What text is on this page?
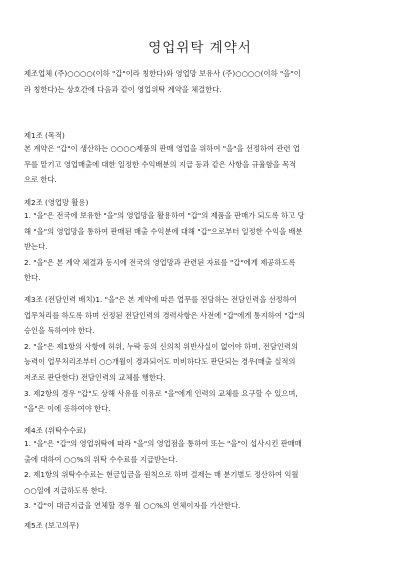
영업위탁 계약서
제조업체 (주)○○○○(이하 "갑"이라 칭한다)와 영업망 보유사 (주)○○○○(이하 "을"이
라 칭한다)는 상호간에 다음과 같이 영업위탁 계약을 체결한다.
제1조 (목적)
본 계약은 "갑"이 생산하는 ○○○○제품의 판매 영업을 위하여 "을"을 선정하여 관련 업
무를 맡기고 영업매출에 대한 일정한 수익배분의 지급 등과 같은 사항을 규율함을 목적
으로 한다.
제2조 (영업망 활용)
1. "을"은 전국에 보유한 "을"의 영업망을 활용하여 "갑"의 제품을 판매가 되도록 하고 당
해 "을"의 영업망을 통하여 판매된 매출 수익분에 대해 "갑"으로부터 일정한 수익을 배분
받는다.
2. "을"은 본 계약 체결과 동시에 전국의 영업망과 관련된 자료를 "갑"에게 제공하도록
한다.
제3조 (전담인력 배치)1. "을"은 본 계약에 따른 업무를 전담하는 전담인력을 선정하여
업무처리를 하도록 하며 선정된 전담인력의 경력사항은 사전에 "갑"에게 통지하여 "갑"의
승인을 득하여야 한다.
2. "을"은 제1항의 사항에 허위, 누락 등의 신의칙 위반사실이 없어야 하며, 전담인력의
능력이 업무처리조부터 ○○개월이 경과되어도 미비하다도 판단되는 경우(매출 실적의
저조로 판단한다) 전담인력의 교체를 행한다.
3. 제2항의 경우 "갑"도 상해 사유를 이유로 "을"에게 인력의 교체를 요구할 수 있으며,
"을"은 이에 응하여야 한다.
제4조 (위탁수수료)
1. "을"은 "갑"의 영업위탁에 따라 "을"의 영업점을 통하여 또는 "을"이 섭사시킨 판매매
출에 대하여 ○○%의 위탁 수수료를 지급받는다.
2. 제1항의 위탁수수료는 현금입금을 원칙으로 하며 결제는 매 분기별도 정산하여 익월
○○일에 지급하도록 한다.
3. "갑"이 대금지급을 연체할 경우 월 ○○%의 연체이자를 가산한다.
제5조 (보고의무)
